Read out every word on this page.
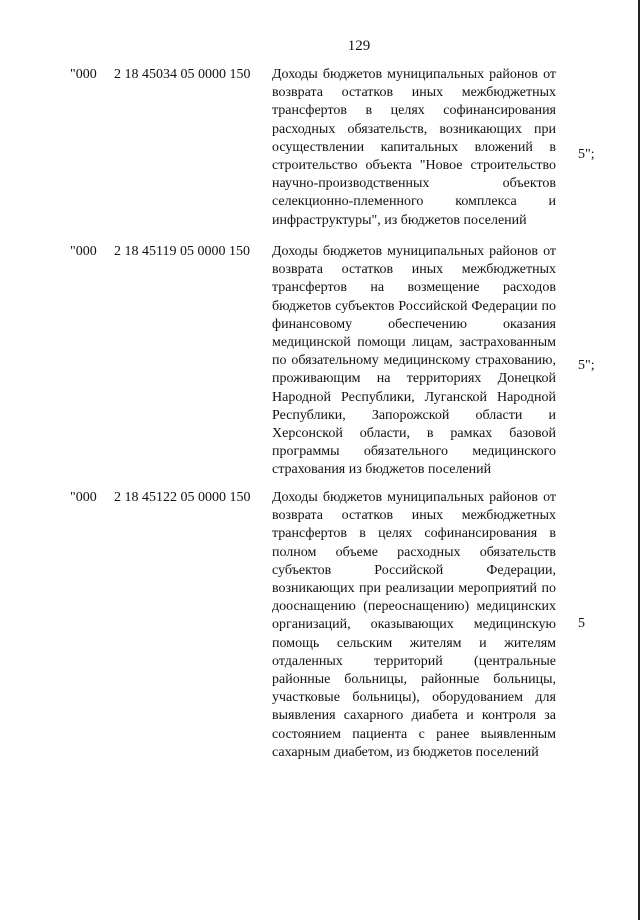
129
"000 2 18 45034 05 0000 150 Доходы бюджетов муниципальных районов от возврата остатков иных межбюджетных трансфертов в целях софинансирования расходных обязательств, возникающих при осуществлении капитальных вложений в строительство объекта "Новое строительство научно-производственных объектов селекционно-племенного комплекса и инфраструктуры", из бюджетов поселений
5";
"000 2 18 45119 05 0000 150 Доходы бюджетов муниципальных районов от возврата остатков иных межбюджетных трансфертов на возмещение расходов бюджетов субъектов Российской Федерации по финансовому обеспечению оказания медицинской помощи лицам, застрахованным по обязательному медицинскому страхованию, проживающим на территориях Донецкой Народной Республики, Луганской Народной Республики, Запорожской области и Херсонской области, в рамках базовой программы обязательного медицинского страхования из бюджетов поселений
5";
"000 2 18 45122 05 0000 150 Доходы бюджетов муниципальных районов от возврата остатков иных межбюджетных трансфертов в целях софинансирования в полном объеме расходных обязательств субъектов Российской Федерации, возникающих при реализации мероприятий по дооснащению (переоснащению) медицинских организаций, оказывающих медицинскую помощь сельским жителям и жителям отдаленных территорий (центральные районные больницы, районные больницы, участковые больницы), оборудованием для выявления сахарного диабета и контроля за состоянием пациента с ранее выявленным сахарным диабетом, из бюджетов поселений
5
